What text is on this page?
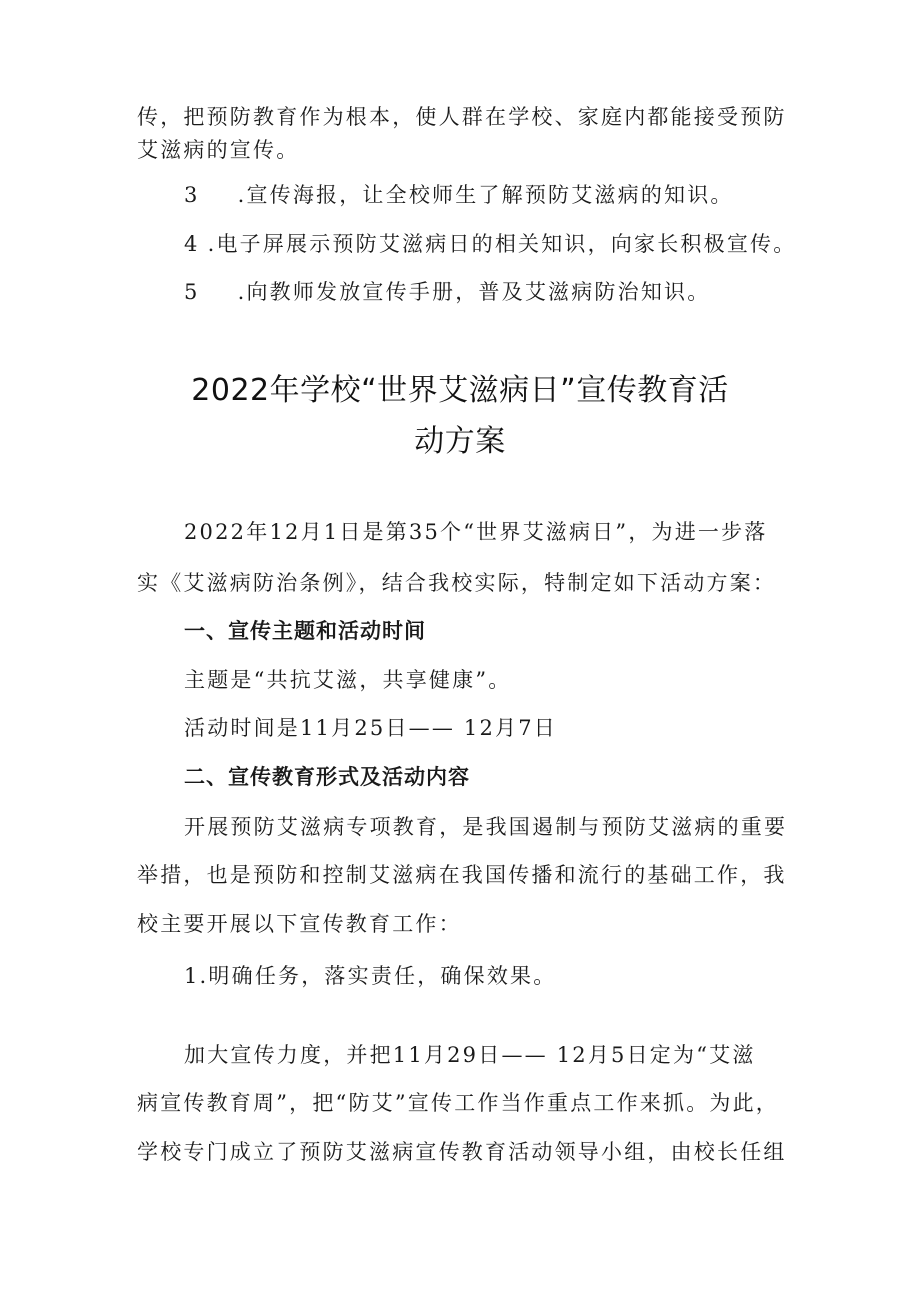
传，把预防教育作为根本，使人群在学校、家庭内都能接受预防
艾滋病的宣传。
3 .宣传海报，让全校师生了解预防艾滋病的知识。
4 .电子屏展示预防艾滋病日的相关知识，向家长积极宣传。
5 .向教师发放宣传手册，普及艾滋病防治知识。
2022年学校“世界艾滋病日”宣传教育活
动方案
2022年12月1日是第35个“世界艾滋病日”，为进一步落
实《艾滋病防治条例》，结合我校实际，特制定如下活动方案：
一、宣传主题和活动时间
主题是“共抗艾滋，共享健康”。
活动时间是11月25日—— 12月7日
二、宣传教育形式及活动内容
开展预防艾滋病专项教育，是我国遏制与预防艾滋病的重要
举措，也是预防和控制艾滋病在我国传播和流行的基础工作，我
校主要开展以下宣传教育工作：
1.明确任务，落实责任，确保效果。
加大宣传力度，并把11月29日—— 12月5日定为“艾滋
病宣传教育周”，把“防艾”宣传工作当作重点工作来抓。为此，
学校专门成立了预防艾滋病宣传教育活动领导小组，由校长任组
